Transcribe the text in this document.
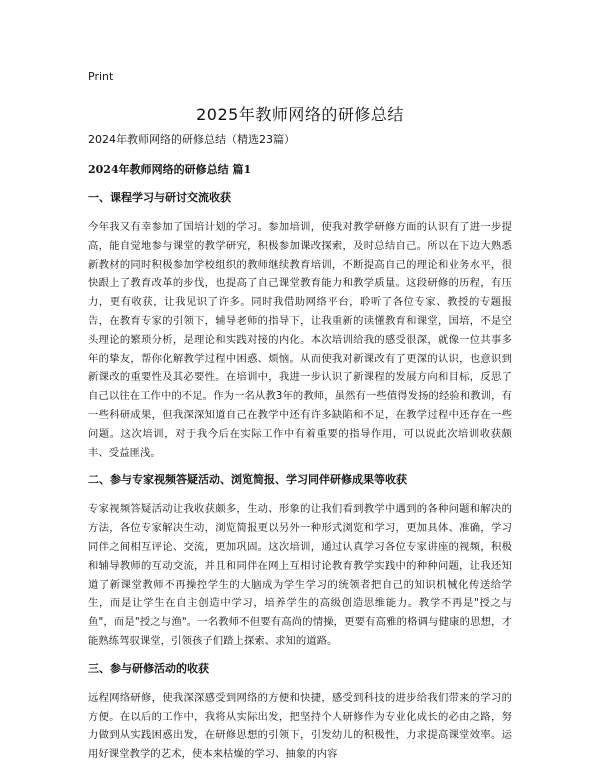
Print
2025年教师网络的研修总结

2024年教师网络的研修总结（精选23篇）

2024年教师网络的研修总结 篇1

一、课程学习与研讨交流收获

今年我又有幸参加了国培计划的学习。参加培训，使我对教学研修方面的认识有了进一步提高，能自觉地参与课堂的教学研究，积极参加课改探索，及时总结自己。所以在下边大熟悉新教材的同时积极参加学校组织的教师继续教育培训，不断提高自己的理论和业务水平，很快跟上了教育改革的步伐，也提高了自己课堂教育能力和教学质量。这段研修的历程，有压力，更有收获，让我见识了许多。同时我借助网络平台，聆听了各位专家、教授的专题报告，在教育专家的引领下，辅导老师的指导下，让我重新的读懂教育和课堂，国培，不是空头理论的繁琐分析，是理论和实践对接的内化。本次培训给我的感受很深，就像一位共事多年的挚友，帮你化解教学过程中困惑、烦恼。从而使我对新课改有了更深的认识，也意识到新课改的重要性及其必要性。在培训中，我进一步认识了新课程的发展方向和目标，反思了自己以往在工作中的不足。作为一名从教3年的教师，虽然有一些值得发扬的经验和教训，有一些科研成果，但我深深知道自己在教学中还有许多缺陷和不足，在教学过程中还存在一些问题。这次培训，对于我今后在实际工作中有着重要的指导作用，可以说此次培训收获颇丰、受益匪浅。

二、参与专家视频答疑活动、浏览简报、学习同伴研修成果等收获

专家视频答疑活动让我收获颇多，生动、形象的让我们看到教学中遇到的各种问题和解决的方法，各位专家解决生动，浏览简报更以另外一种形式浏览和学习，更加具体、准确，学习同伴之间相互评论、交流，更加巩固。这次培训，通过认真学习各位专家讲座的视频，积极和辅导教师的互动交流，并且和同伴在网上互相讨论教育教学实践中的种种问题，让我还知道了新课堂教师不再操控学生的大脑成为学生学习的统领者把自己的知识机械化传送给学生，而是让学生在自主创造中学习，培养学生的高级创造思维能力。教学不再是"授之与鱼"，而是"授之与渔"。一名教师不但要有高尚的情操，更要有高雅的格调与健康的思想，才能熟练驾驭课堂，引领孩子们踏上探索、求知的道路。

三、参与研修活动的收获

远程网络研修，使我深深感受到网络的方便和快捷，感受到科技的进步给我们带来的学习的方便。在以后的工作中，我将从实际出发，把坚持个人研修作为专业化成长的必由之路，努力做到从实践困惑出发，在研修思想的引领下，引发幼儿的积极性，力求提高课堂效率。运用好课堂教学的艺术，使本来枯燥的学习、抽象的内容
